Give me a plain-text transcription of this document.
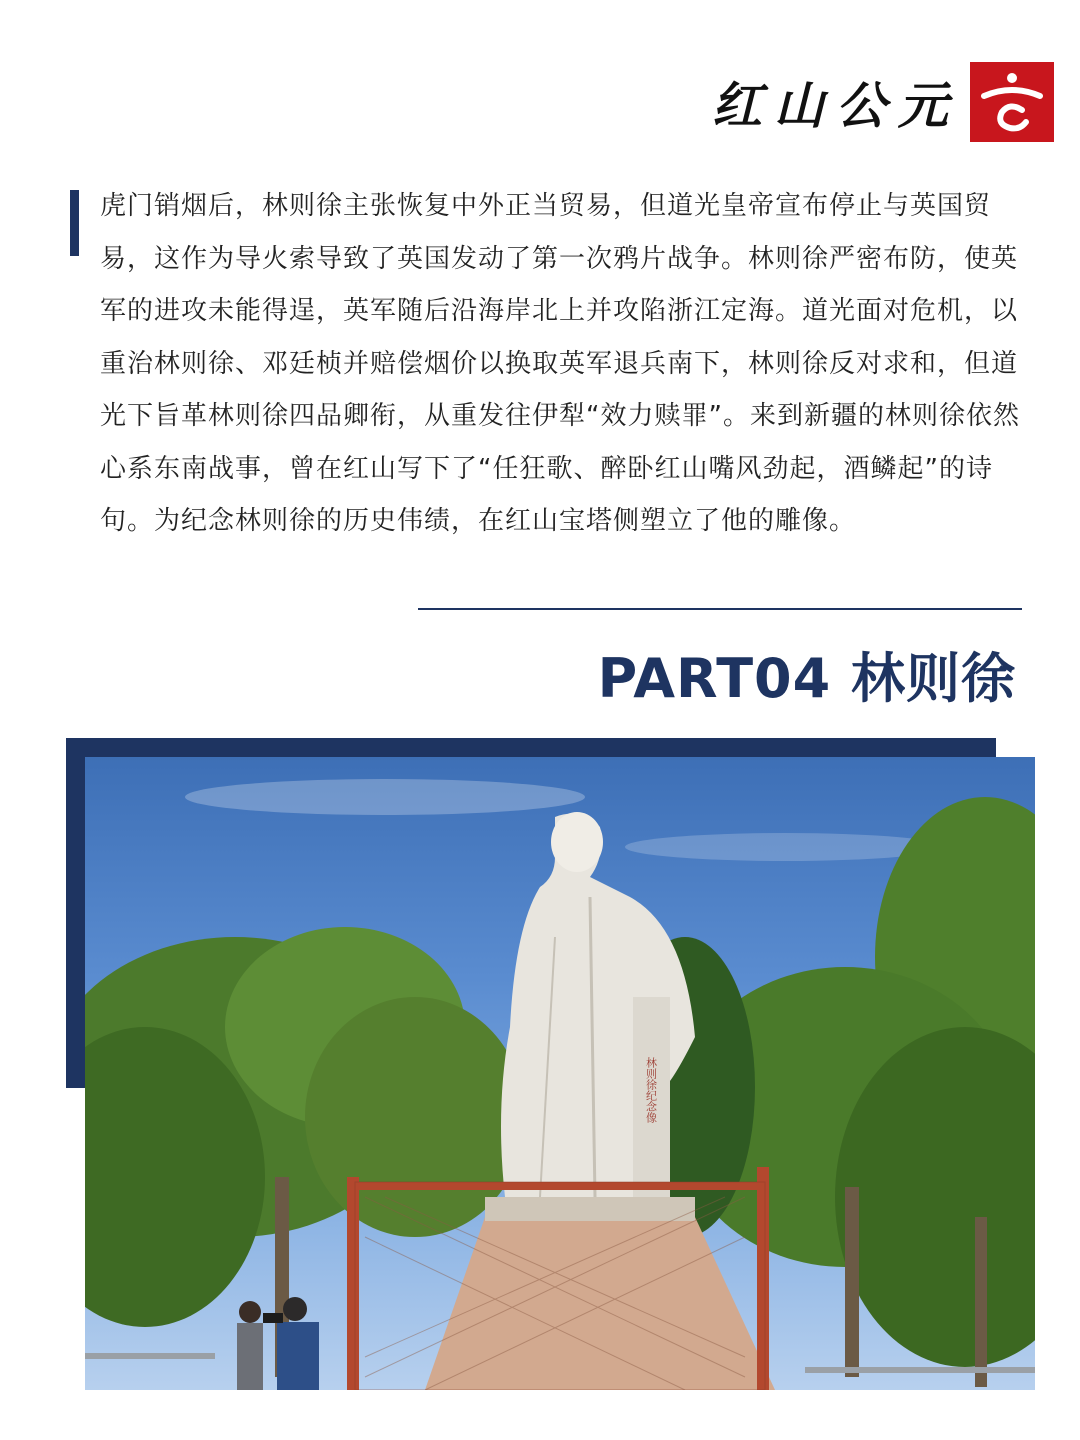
红山公元

虎门销烟后，林则徐主张恢复中外正当贸易，但道光皇帝宣布停止与英国贸易，这作为导火索导致了英国发动了第一次鸦片战争。林则徐严密布防，使英军的进攻未能得逞，英军随后沿海岸北上并攻陷浙江定海。道光面对危机，以重治林则徐、邓廷桢并赔偿烟价以换取英军退兵南下，林则徐反对求和，但道光下旨革林则徐四品卿衔，从重发往伊犁“效力赎罪”。来到新疆的林则徐依然心系东南战事，曾在红山写下了“任狂歌、醉卧红山嘴风劲起，酒鳞起”的诗句。为纪念林则徐的历史伟绩，在红山宝塔侧塑立了他的雕像。

PART04 林则徐
林则徐纪念像
